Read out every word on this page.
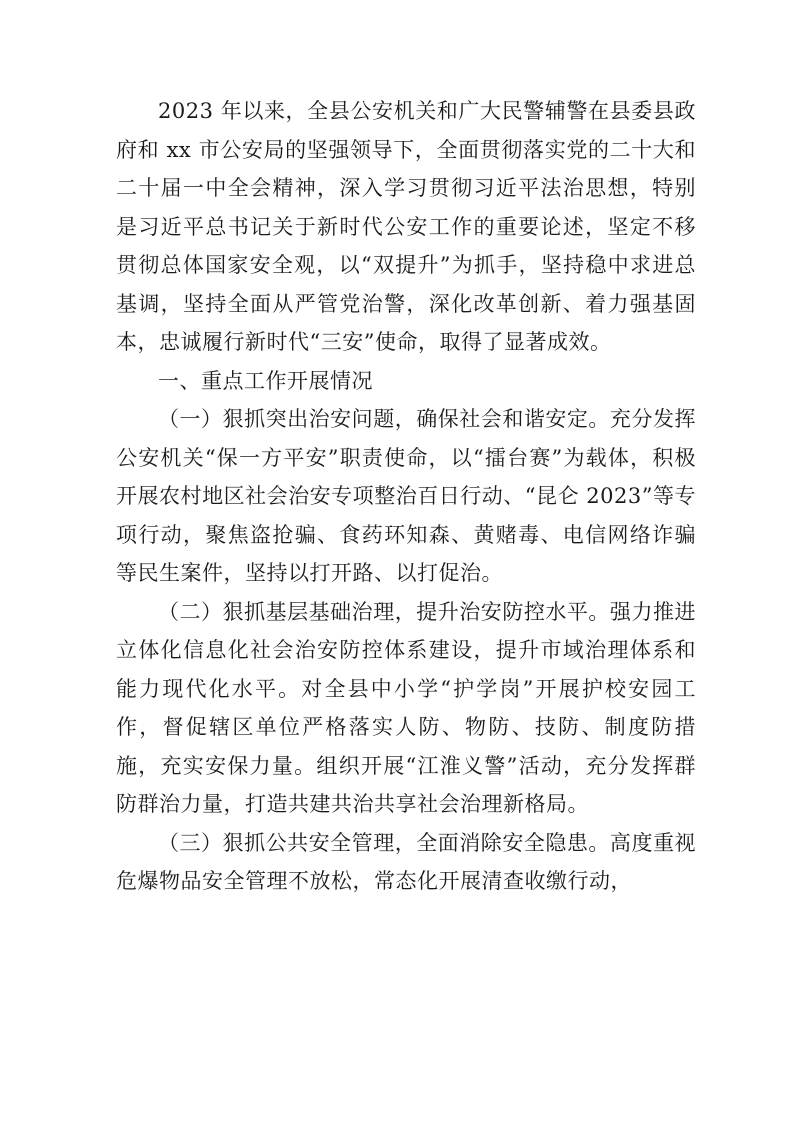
2023 年以来，全县公安机关和广大民警辅警在县委县政府和 xx 市公安局的坚强领导下，全面贯彻落实党的二十大和二十届一中全会精神，深入学习贯彻习近平法治思想，特别是习近平总书记关于新时代公安工作的重要论述，坚定不移贯彻总体国家安全观，以“双提升”为抓手，坚持稳中求进总基调，坚持全面从严管党治警，深化改革创新、着力强基固本，忠诚履行新时代“三安”使命，取得了显著成效。

一、重点工作开展情况

（一）狠抓突出治安问题，确保社会和谐安定。充分发挥公安机关“保一方平安”职责使命，以“擂台赛”为载体，积极开展农村地区社会治安专项整治百日行动、“昆仑 2023”等专项行动，聚焦盗抢骗、食药环知森、黄赌毒、电信网络诈骗等民生案件，坚持以打开路、以打促治。

（二）狠抓基层基础治理，提升治安防控水平。强力推进立体化信息化社会治安防控体系建设，提升市域治理体系和能力现代化水平。对全县中小学“护学岗”开展护校安园工作，督促辖区单位严格落实人防、物防、技防、制度防措施，充实安保力量。组织开展“江淮义警”活动，充分发挥群防群治力量，打造共建共治共享社会治理新格局。

（三）狠抓公共安全管理，全面消除安全隐患。高度重视危爆物品安全管理不放松，常态化开展清查收缴行动，
